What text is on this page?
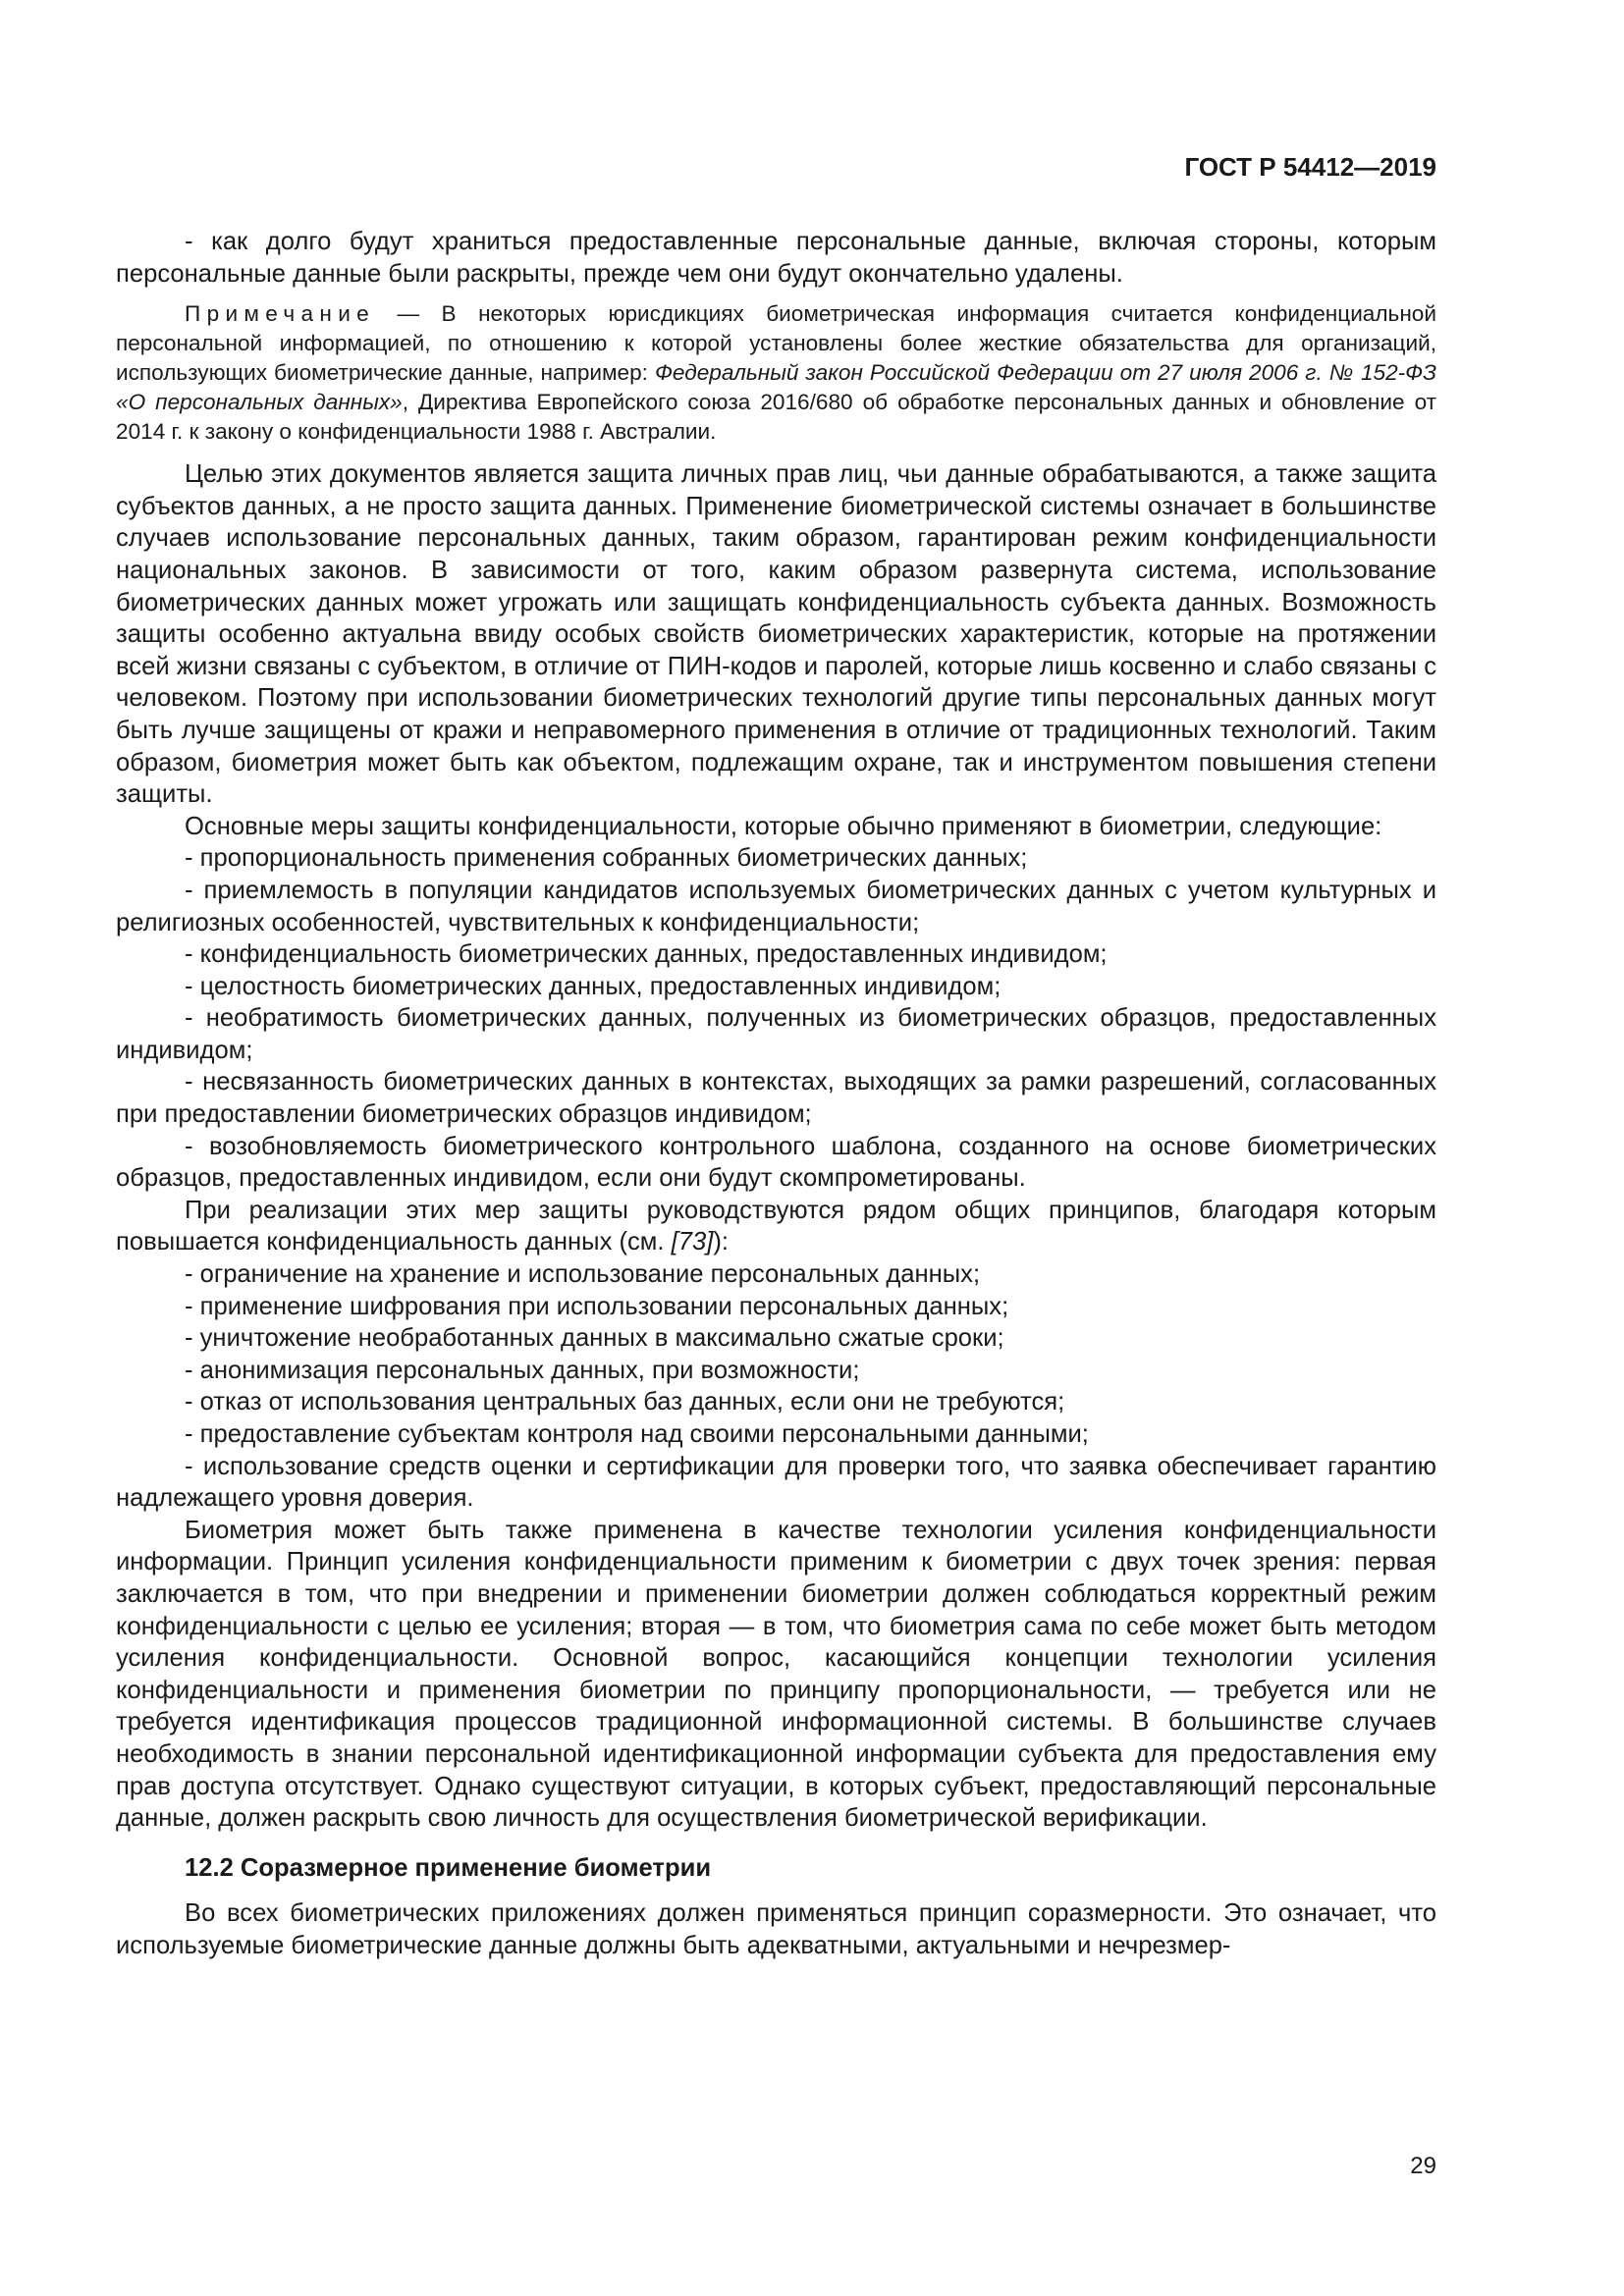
ГОСТ Р 54412—2019

- как долго будут храниться предоставленные персональные данные, включая стороны, которым персональные данные были раскрыты, прежде чем они будут окончательно удалены.

Примечание — В некоторых юрисдикциях биометрическая информация считается конфиденциальной персональной информацией, по отношению к которой установлены более жесткие обязательства для организаций, использующих биометрические данные, например: Федеральный закон Российской Федерации от 27 июля 2006 г. № 152-ФЗ «О персональных данных», Директива Европейского союза 2016/680 об обработке персональных данных и обновление от 2014 г. к закону о конфиденциальности 1988 г. Австралии.

Целью этих документов является защита личных прав лиц, чьи данные обрабатываются, а также защита субъектов данных, а не просто защита данных. Применение биометрической системы означает в большинстве случаев использование персональных данных, таким образом, гарантирован режим конфиденциальности национальных законов. В зависимости от того, каким образом развернута система, использование биометрических данных может угрожать или защищать конфиденциальность субъекта данных. Возможность защиты особенно актуальна ввиду особых свойств биометрических характеристик, которые на протяжении всей жизни связаны с субъектом, в отличие от ПИН-кодов и паролей, которые лишь косвенно и слабо связаны с человеком. Поэтому при использовании биометрических технологий другие типы персональных данных могут быть лучше защищены от кражи и неправомерного применения в отличие от традиционных технологий. Таким образом, биометрия может быть как объектом, подлежащим охране, так и инструментом повышения степени защиты.

Основные меры защиты конфиденциальности, которые обычно применяют в биометрии, следующие:

- пропорциональность применения собранных биометрических данных;

- приемлемость в популяции кандидатов используемых биометрических данных с учетом культурных и религиозных особенностей, чувствительных к конфиденциальности;

- конфиденциальность биометрических данных, предоставленных индивидом;

- целостность биометрических данных, предоставленных индивидом;

- необратимость биометрических данных, полученных из биометрических образцов, предоставленных индивидом;

- несвязанность биометрических данных в контекстах, выходящих за рамки разрешений, согласованных при предоставлении биометрических образцов индивидом;

- возобновляемость биометрического контрольного шаблона, созданного на основе биометрических образцов, предоставленных индивидом, если они будут скомпрометированы.

При реализации этих мер защиты руководствуются рядом общих принципов, благодаря которым повышается конфиденциальность данных (см. [73]):

- ограничение на хранение и использование персональных данных;

- применение шифрования при использовании персональных данных;

- уничтожение необработанных данных в максимально сжатые сроки;

- анонимизация персональных данных, при возможности;

- отказ от использования центральных баз данных, если они не требуются;

- предоставление субъектам контроля над своими персональными данными;

- использование средств оценки и сертификации для проверки того, что заявка обеспечивает гарантию надлежащего уровня доверия.

Биометрия может быть также применена в качестве технологии усиления конфиденциальности информации. Принцип усиления конфиденциальности применим к биометрии с двух точек зрения: первая заключается в том, что при внедрении и применении биометрии должен соблюдаться корректный режим конфиденциальности с целью ее усиления; вторая — в том, что биометрия сама по себе может быть методом усиления конфиденциальности. Основной вопрос, касающийся концепции технологии усиления конфиденциальности и применения биометрии по принципу пропорциональности, — требуется или не требуется идентификация процессов традиционной информационной системы. В большинстве случаев необходимость в знании персональной идентификационной информации субъекта для предоставления ему прав доступа отсутствует. Однако существуют ситуации, в которых субъект, предоставляющий персональные данные, должен раскрыть свою личность для осуществления биометрической верификации.

12.2 Соразмерное применение биометрии

Во всех биометрических приложениях должен применяться принцип соразмерности. Это означает, что используемые биометрические данные должны быть адекватными, актуальными и нечрезмер-

29
